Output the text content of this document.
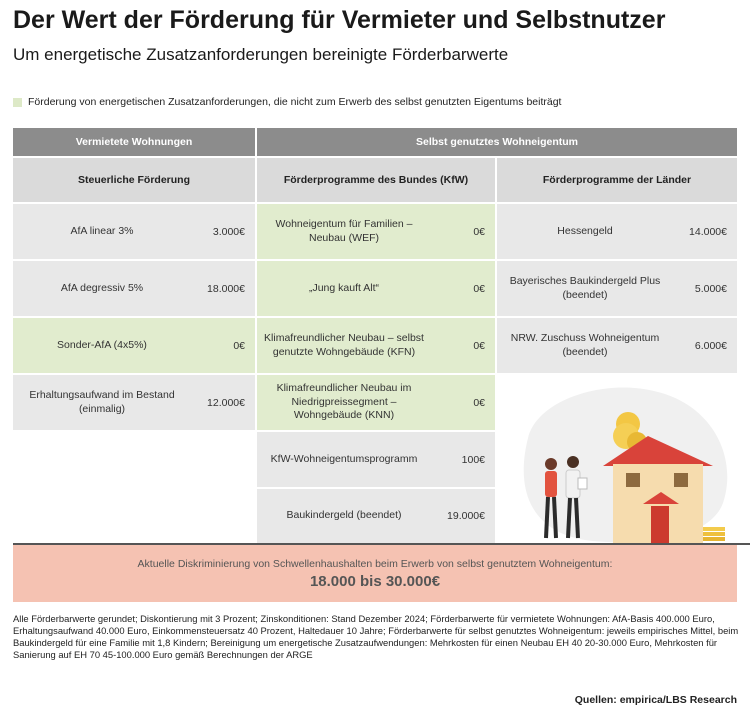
Der Wert der Förderung für Vermieter und Selbstnutzer
Um energetische Zusatzanforderungen bereinigte Förderbarwerte
Förderung von energetischen Zusatzanforderungen, die nicht zum Erwerb des selbst genutzten Eigentums beiträgt
Vermietete Wohnungen	Selbst genutztes Wohneigentum
Steuerliche Förderung	Förderprogramme des Bundes (KfW)	Förderprogramme der Länder
AfA linear 3%	3.000€
AfA degressiv 5%	18.000€
Sonder-AfA (4x5%)	0€
Erhaltungsaufwand im Bestand (einmalig)	12.000€
Wohneigentum für Familien – Neubau (WEF)	0€
„Jung kauft Alt“	0€
Klimafreundlicher Neubau – selbst genutzte Wohngebäude (KFN)	0€
Klimafreundlicher Neubau im Niedrigpreissegment – Wohngebäude (KNN)
0€
KfW-Wohneigentumsprogramm	100€
Baukindergeld (beendet)	19.000€
Hessengeld	14.000€
Bayerisches Baukindergeld Plus (beendet)	5.000€
NRW. Zuschuss Wohneigentum (beendet)	6.000€
Aktuelle Diskriminierung von Schwellenhaushalten beim Erwerb von selbst genutztem Wohneigentum:
18.000 bis 30.000€
Alle Förderbarwerte gerundet; Diskontierung mit 3 Prozent; Zinskonditionen: Stand Dezember 2024; Förderbarwerte für vermietete Wohnungen: AfA-Basis 400.000 Euro, Erhaltungsaufwand 40.000 Euro, Einkommensteuersatz 40 Prozent, Haltedauer 10 Jahre; Förderbarwerte für selbst genutztes Wohneigentum: jeweils empirisches Mittel, beim Baukindergeld für eine Familie mit 1,8 Kindern; Bereinigung um energetische Zusatzaufwendungen: Mehrkosten für einen Neubau EH 40 20-30.000 Euro, Mehrkosten für Sanierung auf EH 70 45-100.000 Euro gemäß Berechnungen der ARGE
Quellen: empirica/LBS Research
